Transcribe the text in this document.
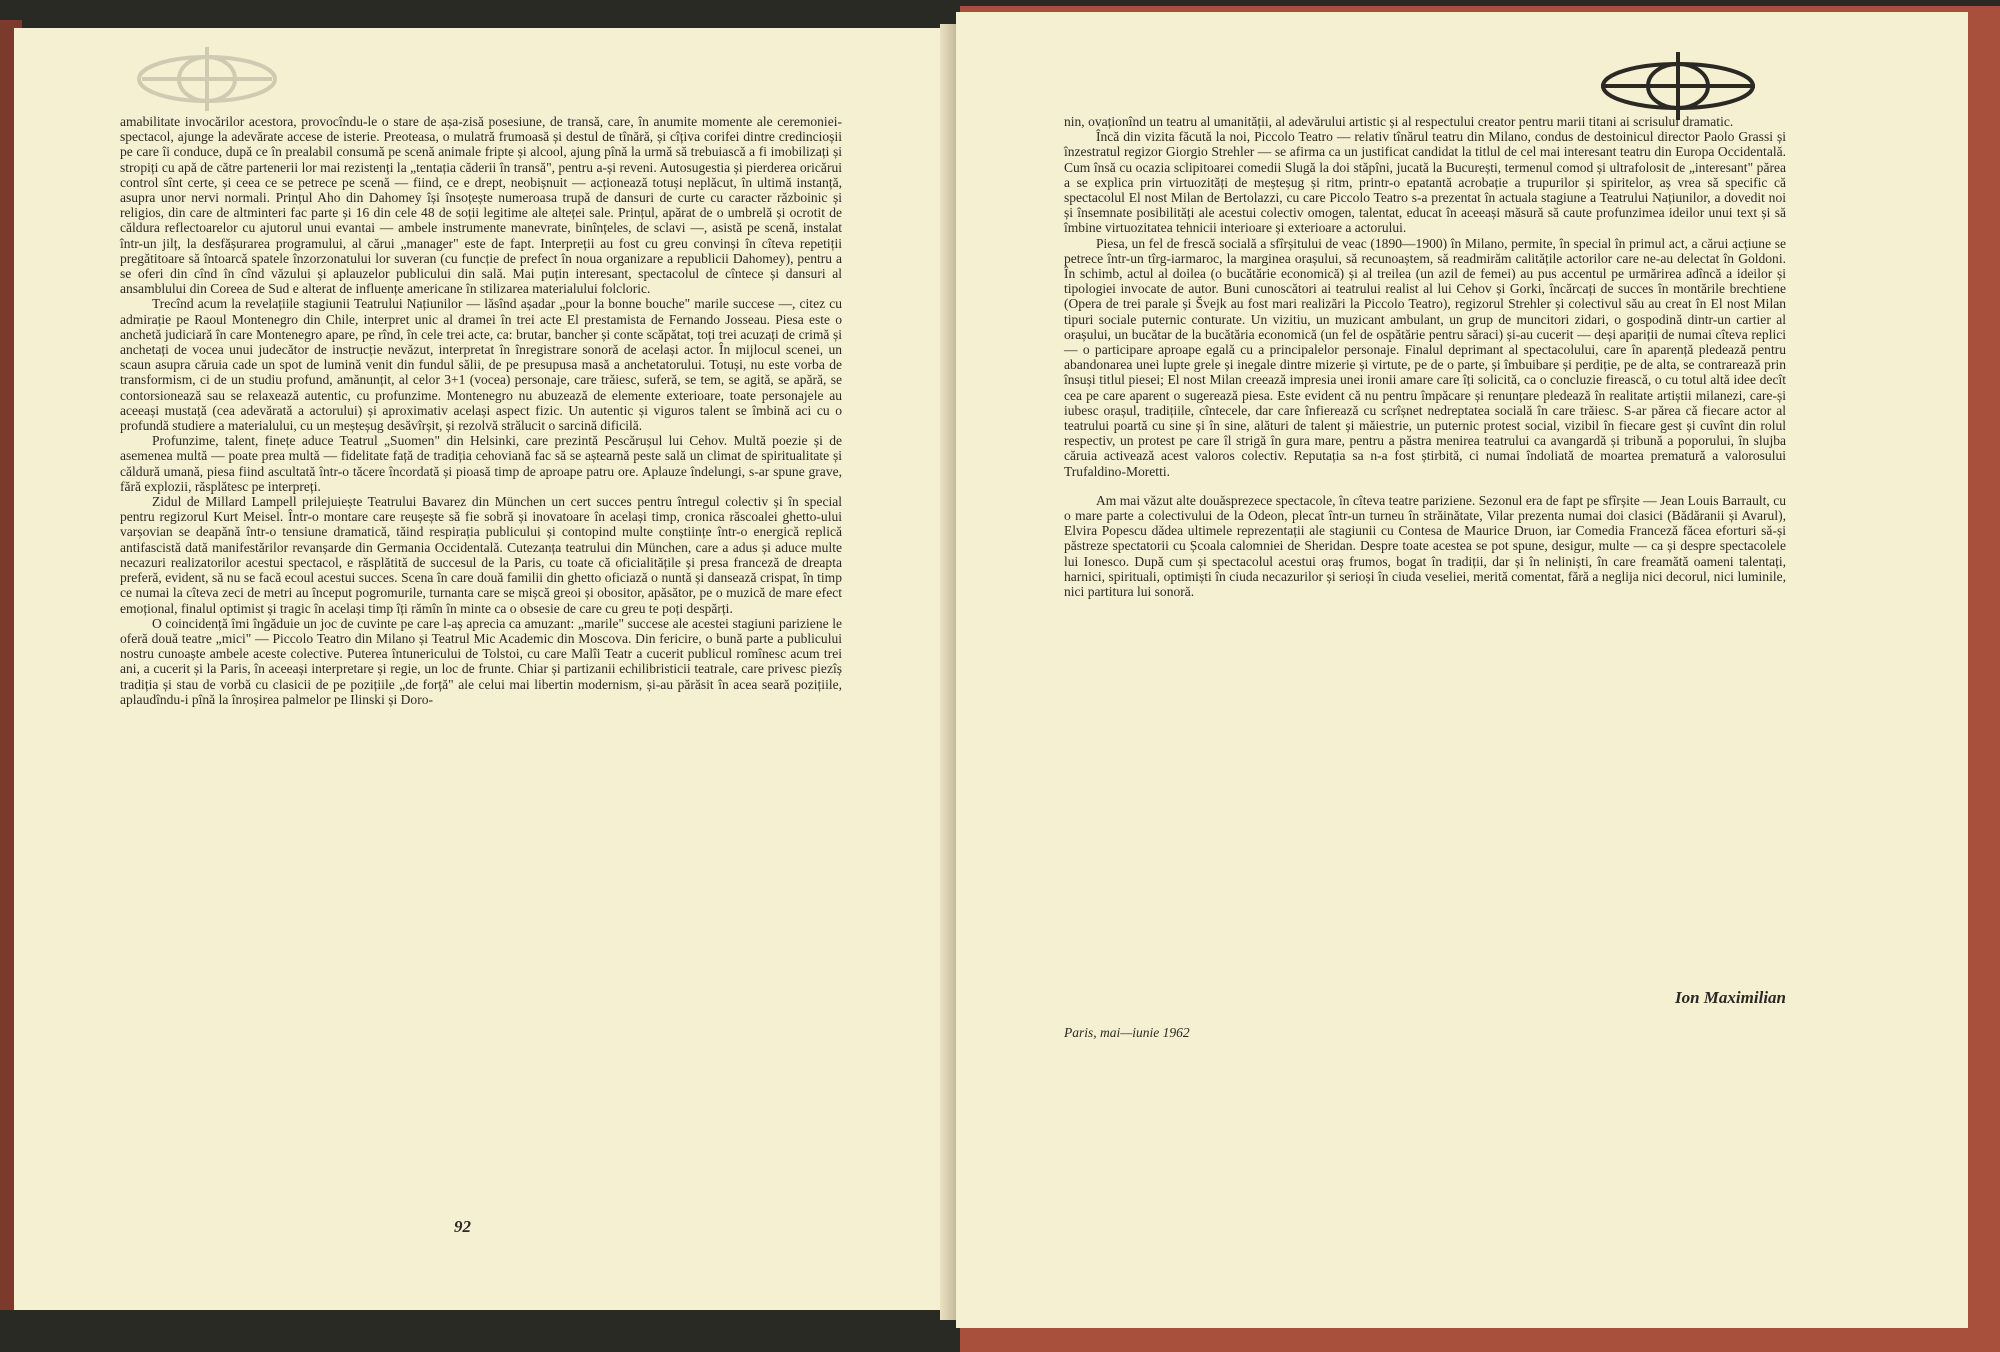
amabilitate invocărilor acestora, provocîndu-le o stare de așa-zisă posesiune, de transă, care, în anumite momente ale ceremoniei-spectacol, ajunge la adevărate accese de isterie. Preoteasa, o mulatră frumoasă și destul de tînără, și cîțiva corifei dintre credincioșii pe care îi conduce, după ce în prealabil consumă pe scenă animale fripte și alcool, ajung pînă la urmă să trebuiască a fi imobilizați și stropiți cu apă de către partenerii lor mai rezistenți la „tentația căderii în transă", pentru a-și reveni. Autosugestia și pierderea oricărui control sînt certe, și ceea ce se petrece pe scenă — fiind, ce e drept, neobișnuit — acționează totuși neplăcut, în ultimă instanță, asupra unor nervi normali. Prințul Aho din Dahomey își însoțește numeroasa trupă de dansuri de curte cu caracter războinic și religios, din care de altminteri fac parte și 16 din cele 48 de soții legitime ale alteței sale. Prințul, apărat de o umbrelă și ocrotit de căldura reflectoarelor cu ajutorul unui evantai — ambele instrumente manevrate, binînțeles, de sclavi —, asistă pe scenă, instalat într-un jilț, la desfășurarea programului, al cărui „manager" este de fapt. Interpreții au fost cu greu convinși în cîteva repetiții pregătitoare să întoarcă spatele înzorzonatului lor suveran (cu funcție de prefect în noua organizare a republicii Dahomey), pentru a se oferi din cînd în cînd văzului și aplauzelor publicului din sală. Mai puțin interesant, spectacolul de cîntece și dansuri al ansamblului din Coreea de Sud e alterat de influențe americane în stilizarea materialului folcloric.

Trecînd acum la revelațiile stagiunii Teatrului Națiunilor — lăsînd așadar „pour la bonne bouche" marile succese —, citez cu admirație pe Raoul Montenegro din Chile, interpret unic al dramei în trei acte El prestamista de Fernando Josseau. Piesa este o anchetă judiciară în care Montenegro apare, pe rînd, în cele trei acte, ca: brutar, bancher și conte scăpătat, toți trei acuzați de crimă și anchetați de vocea unui judecător de instrucție nevăzut, interpretat în înregistrare sonoră de același actor. În mijlocul scenei, un scaun asupra căruia cade un spot de lumină venit din fundul sălii, de pe presupusa masă a anchetatorului. Totuși, nu este vorba de transformism, ci de un studiu profund, amănunțit, al celor 3+1 (vocea) personaje, care trăiesc, suferă, se tem, se agită, se apără, se contorsionează sau se relaxează autentic, cu profunzime. Montenegro nu abuzează de elemente exterioare, toate personajele au aceeași mustață (cea adevărată a actorului) și aproximativ același aspect fizic. Un autentic și viguros talent se îmbină aci cu o profundă studiere a materialului, cu un meșteșug desăvîrșit, și rezolvă strălucit o sarcină dificilă.

Profunzime, talent, finețe aduce Teatrul „Suomen" din Helsinki, care prezintă Pescărușul lui Cehov. Multă poezie și de asemenea multă — poate prea multă — fidelitate față de tradiția cehoviană fac să se aștearnă peste sală un climat de spiritualitate și căldură umană, piesa fiind ascultată într-o tăcere încordată și pioasă timp de aproape patru ore. Aplauze îndelungi, s-ar spune grave, fără explozii, răsplătesc pe interpreți.

Zidul de Millard Lampell prilejuiește Teatrului Bavarez din München un cert succes pentru întregul colectiv și în special pentru regizorul Kurt Meisel. Într-o montare care reușește să fie sobră și inovatoare în același timp, cronica răscoalei ghetto-ului varșovian se deapănă într-o tensiune dramatică, tăind respirația publicului și contopind multe conștiințe într-o energică replică antifascistă dată manifestărilor revanșarde din Germania Occidentală. Cutezanța teatrului din München, care a adus și aduce multe necazuri realizatorilor acestui spectacol, e răsplătită de succesul de la Paris, cu toate că oficialitățile și presa franceză de dreapta preferă, evident, să nu se facă ecoul acestui succes. Scena în care două familii din ghetto oficiază o nuntă și dansează crispat, în timp ce numai la cîteva zeci de metri au început pogromurile, turnanta care se mișcă greoi și obositor, apăsător, pe o muzică de mare efect emoțional, finalul optimist și tragic în același timp îți rămîn în minte ca o obsesie de care cu greu te poți despărți.

O coincidență îmi îngăduie un joc de cuvinte pe care l-aș aprecia ca amuzant: „marile" succese ale acestei stagiuni pariziene le oferă două teatre „mici" — Piccolo Teatro din Milano și Teatrul Mic Academic din Moscova. Din fericire, o bună parte a publicului nostru cunoaște ambele aceste colective. Puterea întunericului de Tolstoi, cu care Malîi Teatr a cucerit publicul romînesc acum trei ani, a cucerit și la Paris, în aceeași interpretare și regie, un loc de frunte. Chiar și partizanii echilibristicii teatrale, care privesc piezîș tradiția și stau de vorbă cu clasicii de pe pozițiile „de forță" ale celui mai libertin modernism, și-au părăsit în acea seară pozițiile, aplaudîndu-i pînă la înroșirea palmelor pe Ilinski și Doro-

92

nin, ovaționînd un teatru al umanității, al adevărului artistic și al respectului creator pentru marii titani ai scrisului dramatic.

Încă din vizita făcută la noi, Piccolo Teatro — relativ tînărul teatru din Milano, condus de destoinicul director Paolo Grassi și înzestratul regizor Giorgio Strehler — se afirma ca un justificat candidat la titlul de cel mai interesant teatru din Europa Occidentală. Cum însă cu ocazia sclipitoarei comedii Slugă la doi stăpîni, jucată la București, termenul comod și ultrafolosit de „interesant" părea a se explica prin virtuozități de meșteșug și ritm, printr-o epatantă acrobație a trupurilor și spiritelor, aș vrea să specific că spectacolul El nost Milan de Bertolazzi, cu care Piccolo Teatro s-a prezentat în actuala stagiune a Teatrului Națiunilor, a dovedit noi și însemnate posibilități ale acestui colectiv omogen, talentat, educat în aceeași măsură să caute profunzimea ideilor unui text și să îmbine virtuozitatea tehnicii interioare și exterioare a actorului.

Piesa, un fel de frescă socială a sfîrșitului de veac (1890—1900) în Milano, permite, în special în primul act, a cărui acțiune se petrece într-un tîrg-iarmaroc, la marginea orașului, să recunoaștem, să readmirăm calitățile actorilor care ne-au delectat în Goldoni. În schimb, actul al doilea (o bucătărie economică) și al treilea (un azil de femei) au pus accentul pe urmărirea adîncă a ideilor și tipologiei invocate de autor. Buni cunoscători ai teatrului realist al lui Cehov și Gorki, încărcați de succes în montările brechtiene (Opera de trei parale și Švejk au fost mari realizări la Piccolo Teatro), regizorul Strehler și colectivul său au creat în El nost Milan tipuri sociale puternic conturate. Un vizitiu, un muzicant ambulant, un grup de muncitori zidari, o gospodină dintr-un cartier al orașului, un bucătar de la bucătăria economică (un fel de ospătărie pentru săraci) și-au cucerit — deși apariții de numai cîteva replici — o participare aproape egală cu a principalelor personaje. Finalul deprimant al spectacolului, care în aparență pledează pentru abandonarea unei lupte grele și inegale dintre mizerie și virtute, pe de o parte, și îmbuibare și perdiție, pe de alta, se contrarează prin însuși titlul piesei; El nost Milan creează impresia unei ironii amare care îți solicită, ca o concluzie firească, o cu totul altă idee decît cea pe care aparent o sugerează piesa. Este evident că nu pentru împăcare și renunțare pledează în realitate artiștii milanezi, care-și iubesc orașul, tradițiile, cîntecele, dar care înfierează cu scrîșnet nedreptatea socială în care trăiesc. S-ar părea că fiecare actor al teatrului poartă cu sine și în sine, alături de talent și măiestrie, un puternic protest social, vizibil în fiecare gest și cuvînt din rolul respectiv, un protest pe care îl strigă în gura mare, pentru a păstra menirea teatrului ca avangardă și tribună a poporului, în slujba căruia activează acest valoros colectiv. Reputația sa n-a fost știrbită, ci numai îndoliată de moartea prematură a valorosului Trufaldino-Moretti.

Am mai văzut alte douăsprezece spectacole, în cîteva teatre pariziene. Sezonul era de fapt pe sfîrșite — Jean Louis Barrault, cu o mare parte a colectivului de la Odeon, plecat într-un turneu în străinătate, Vilar prezenta numai doi clasici (Bădăranii și Avarul), Elvira Popescu dădea ultimele reprezentații ale stagiunii cu Contesa de Maurice Druon, iar Comedia Franceză făcea eforturi să-și păstreze spectatorii cu Școala calomniei de Sheridan. Despre toate acestea se pot spune, desigur, multe — ca și despre spectacolele lui Ionesco. După cum și spectacolul acestui oraș frumos, bogat în tradiții, dar și în neliniști, în care freamătă oameni talentați, harnici, spirituali, optimiști în ciuda necazurilor și serioși în ciuda veseliei, merită comentat, fără a neglija nici decorul, nici luminile, nici partitura lui sonoră.

Ion Maximilian
Paris, mai—iunie 1962
